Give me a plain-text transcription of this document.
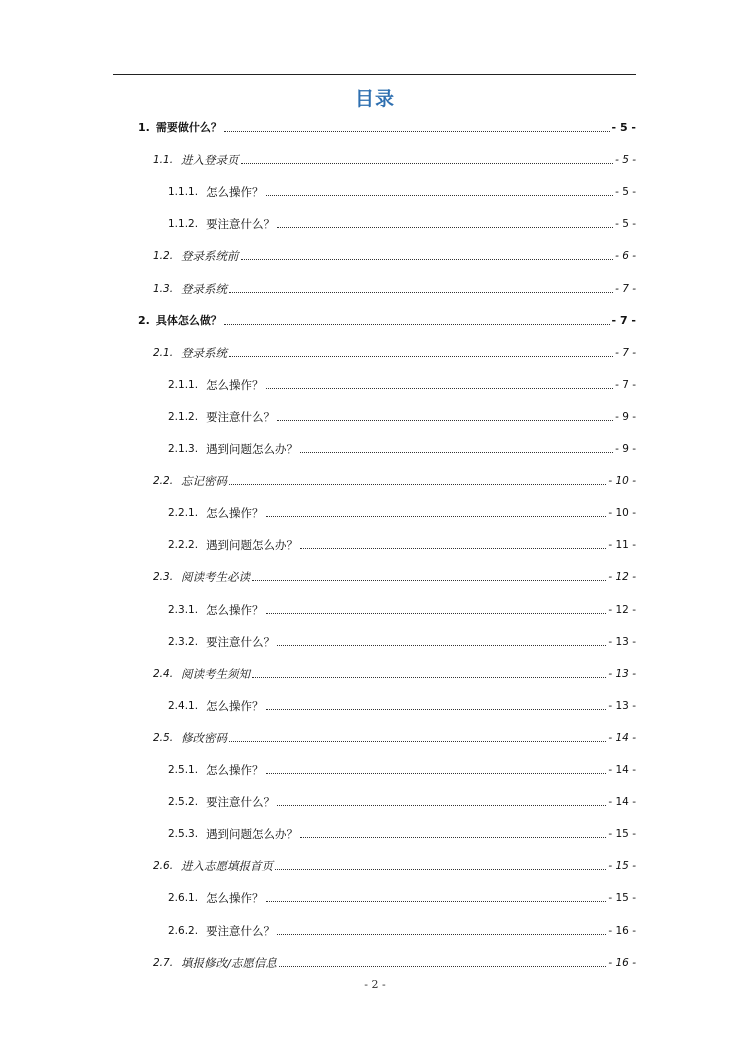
目录
1. 需要做什么？	- 5 -
1.1. 进入登录页	- 5 -
1.1.1. 怎么操作？	- 5 -
1.1.2. 要注意什么？	- 5 -
1.2. 登录系统前	- 6 -
1.3. 登录系统	- 7 -
2. 具体怎么做？	- 7 -
2.1. 登录系统	- 7 -
2.1.1. 怎么操作？	- 7 -
2.1.2. 要注意什么？	- 9 -
2.1.3. 遇到问题怎么办？	- 9 -
2.2. 忘记密码	- 10 -
2.2.1. 怎么操作？	- 10 -
2.2.2. 遇到问题怎么办？	- 11 -
2.3. 阅读考生必读	- 12 -
2.3.1. 怎么操作？	- 12 -
2.3.2. 要注意什么？	- 13 -
2.4. 阅读考生须知	- 13 -
2.4.1. 怎么操作？	- 13 -
2.5. 修改密码	- 14 -
2.5.1. 怎么操作？	- 14 -
2.5.2. 要注意什么？	- 14 -
2.5.3. 遇到问题怎么办？	- 15 -
2.6. 进入志愿填报首页	- 15 -
2.6.1. 怎么操作？	- 15 -
2.6.2. 要注意什么？	- 16 -
2.7. 填报修改/志愿信息	- 16 -
- 2 -
